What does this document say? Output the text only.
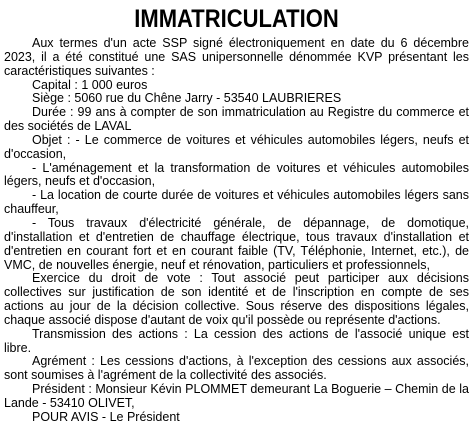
IMMATRICULATION

Aux termes d'un acte SSP signé électroniquement en date du 6 décembre 2023, il a été constitué une SAS unipersonnelle dénommée KVP présentant les caractéristiques suivantes :

Capital : 1 000 euros

Siège : 5060 rue du Chêne Jarry - 53540 LAUBRIERES

Durée : 99 ans à compter de son immatriculation au Registre du commerce et des sociétés de LAVAL

Objet : - Le commerce de voitures et véhicules automobiles légers, neufs et d'occasion,

- L'aménagement et la transformation de voitures et véhicules automobiles légers, neufs et d'occasion,

- La location de courte durée de voitures et véhicules automobiles légers sans chauffeur,

- Tous travaux d'électricité générale, de dépannage, de domotique, d'installation et d'entretien de chauffage électrique, tous travaux d'installation et d'entretien en courant fort et en courant faible (TV, Téléphonie, Internet, etc.), de VMC, de nouvelles énergie, neuf et rénovation, particuliers et professionnels,

Exercice du droit de vote : Tout associé peut participer aux décisions collectives sur justification de son identité et de l'inscription en compte de ses actions au jour de la décision collective. Sous réserve des dispositions légales, chaque associé dispose d'autant de voix qu'il possède ou représente d'actions.

Transmission des actions : La cession des actions de l'associé unique est libre.

Agrément : Les cessions d'actions, à l'exception des cessions aux associés, sont soumises à l'agrément de la collectivité des associés.

Président : Monsieur Kévin PLOMMET demeurant La Boguerie – Chemin de la Lande - 53410 OLIVET,

POUR AVIS - Le Président
